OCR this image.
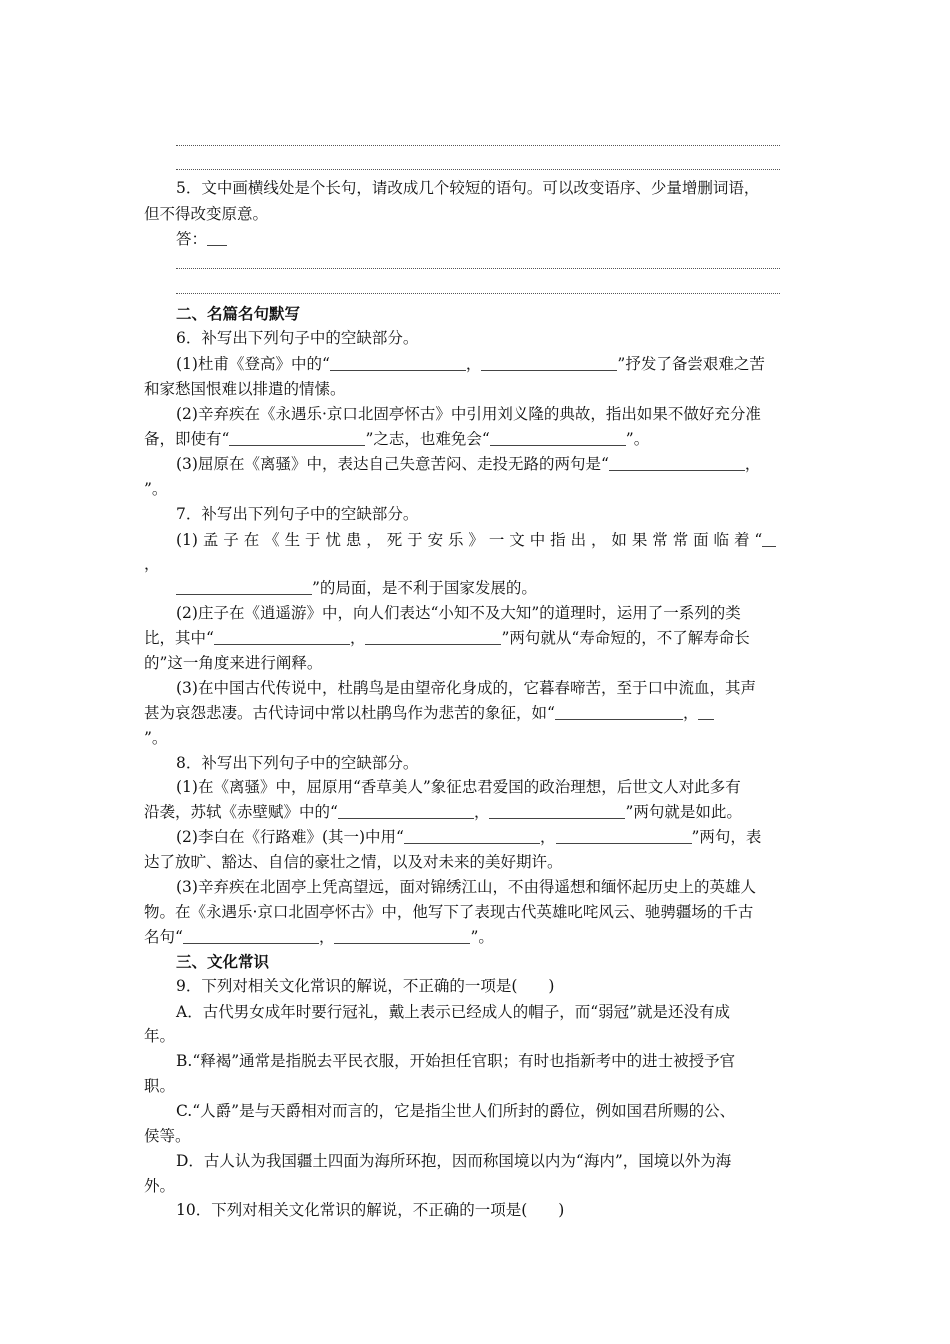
5．文中画横线处是个长句，请改成几个较短的语句。可以改变语序、少量增删词语，
但不得改变原意。
答：
二、名篇名句默写
6．补写出下列句子中的空缺部分。
(1)杜甫《登高》中的“	，	”抒发了备尝艰难之苦
和家愁国恨难以排遣的情愫。
(2)辛弃疾在《永遇乐·京口北固亭怀古》中引用刘义隆的典故，指出如果不做好充分准
备，即使有“	”之志，也难免会“	”。
(3)屈原在《离骚》中，表达自己失意苦闷、走投无路的两句是“	，
”。
7．补写出下列句子中的空缺部分。
(1) 孟 子 在 《 生 于 忧 患 ， 死 于 安 乐 》 一 文 中 指 出 ， 如 果 常 常 面 临 着 “
，
”的局面，是不利于国家发展的。
(2)庄子在《逍遥游》中，向人们表达“小知不及大知”的道理时，运用了一系列的类
比，其中“	，	”两句就从“寿命短的，不了解寿命长
的”这一角度来进行阐释。
(3)在中国古代传说中，杜鹃鸟是由望帝化身成的，它暮春啼苦，至于口中流血，其声
甚为哀怨悲凄。古代诗词中常以杜鹃鸟作为悲苦的象征，如“	，
”。
8．补写出下列句子中的空缺部分。
(1)在《离骚》中，屈原用“香草美人”象征忠君爱国的政治理想，后世文人对此多有
沿袭，苏轼《赤壁赋》中的“	，	”两句就是如此。
(2)李白在《行路难》(其一)中用“	，	”两句，表
达了放旷、豁达、自信的豪壮之情，以及对未来的美好期许。
(3)辛弃疾在北固亭上凭高望远，面对锦绣江山，不由得遥想和缅怀起历史上的英雄人
物。在《永遇乐·京口北固亭怀古》中，他写下了表现古代英雄叱咤风云、驰骋疆场的千古
名句“	，	”。
三、文化常识
9．下列对相关文化常识的解说，不正确的一项是(　　)
A．古代男女成年时要行冠礼，戴上表示已经成人的帽子，而“弱冠”就是还没有成
年。
B.“释褐”通常是指脱去平民衣服，开始担任官职；有时也指新考中的进士被授予官
职。
C.“人爵”是与天爵相对而言的，它是指尘世人们所封的爵位，例如国君所赐的公、
侯等。
D．古人认为我国疆土四面为海所环抱，因而称国境以内为“海内”，国境以外为海
外。
10．下列对相关文化常识的解说，不正确的一项是(　　)
